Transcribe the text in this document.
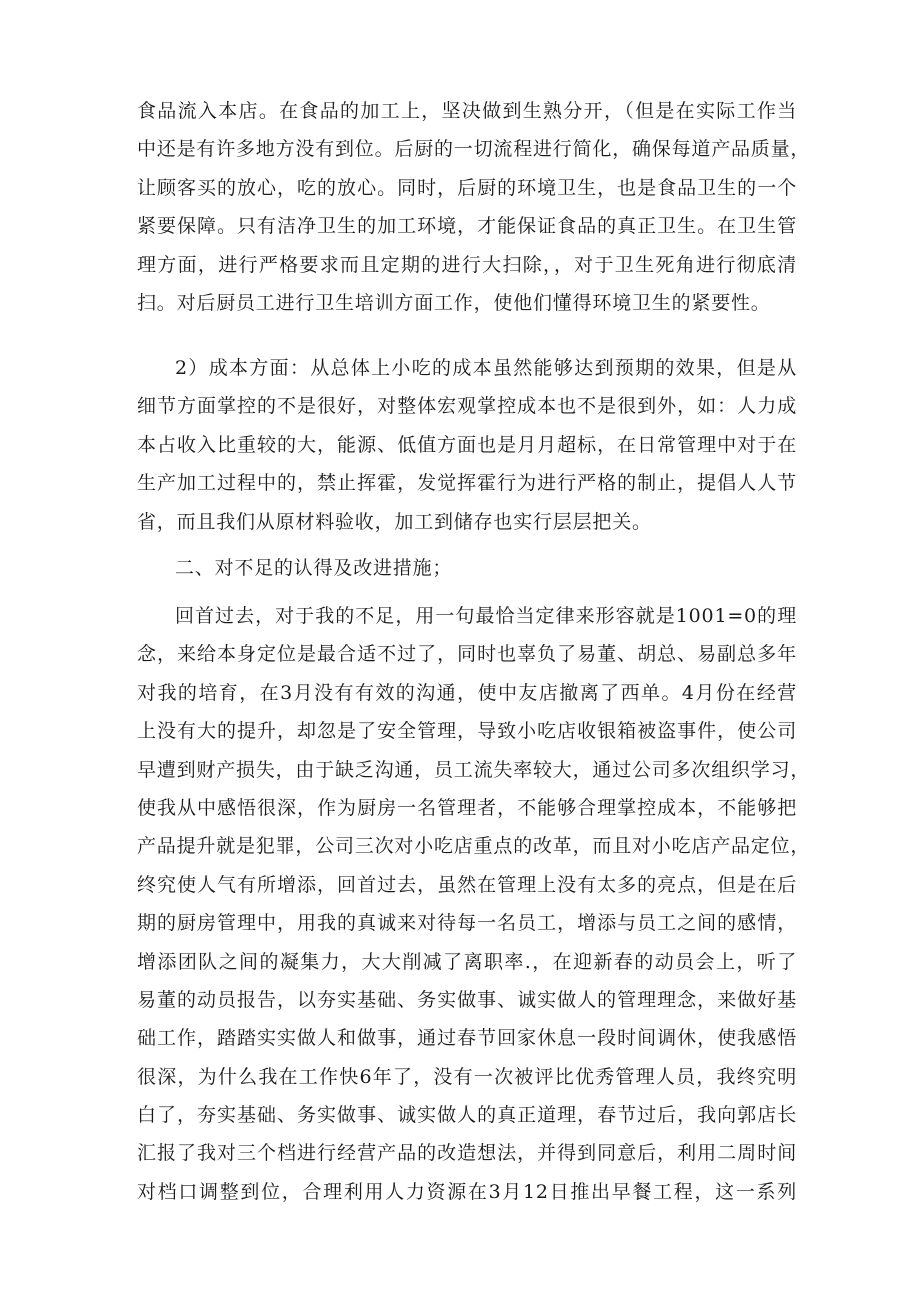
食品流入本店。在食品的加工上，坚决做到生熟分开，（但是在实际工作当
中还是有许多地方没有到位。后厨的一切流程进行简化，确保每道产品质量，
让顾客买的放心，吃的放心。同时，后厨的环境卫生，也是食品卫生的一个
紧要保障。只有洁净卫生的加工环境，才能保证食品的真正卫生。在卫生管
理方面，进行严格要求而且定期的进行大扫除，，对于卫生死角进行彻底清
扫。对后厨员工进行卫生培训方面工作，使他们懂得环境卫生的紧要性。
2）成本方面：从总体上小吃的成本虽然能够达到预期的效果，但是从
细节方面掌控的不是很好，对整体宏观掌控成本也不是很到外，如：人力成
本占收入比重较的大，能源、低值方面也是月月超标，在日常管理中对于在
生产加工过程中的，禁止挥霍，发觉挥霍行为进行严格的制止，提倡人人节
省，而且我们从原材料验收，加工到储存也实行层层把关。
二、对不足的认得及改进措施；
回首过去，对于我的不足，用一句最恰当定律来形容就是1001=0的理
念，来给本身定位是最合适不过了，同时也辜负了易董、胡总、易副总多年
对我的培育，在3月没有有效的沟通，使中友店撤离了西单。4月份在经营
上没有大的提升，却忽是了安全管理，导致小吃店收银箱被盗事件，使公司
早遭到财产损失，由于缺乏沟通，员工流失率较大，通过公司多次组织学习，
使我从中感悟很深，作为厨房一名管理者，不能够合理掌控成本，不能够把
产品提升就是犯罪，公司三次对小吃店重点的改革，而且对小吃店产品定位，
终究使人气有所增添，回首过去，虽然在管理上没有太多的亮点，但是在后
期的厨房管理中，用我的真诚来对待每一名员工，增添与员工之间的感情，
增添团队之间的凝集力，大大削减了离职率.，在迎新春的动员会上，听了
易董的动员报告，以夯实基础、务实做事、诚实做人的管理理念，来做好基
础工作，踏踏实实做人和做事，通过春节回家休息一段时间调休，使我感悟
很深，为什么我在工作快6年了，没有一次被评比优秀管理人员，我终究明
白了，夯实基础、务实做事、诚实做人的真正道理，春节过后，我向郭店长
汇报了我对三个档进行经营产品的改造想法，并得到同意后，利用二周时间
对档口调整到位，合理利用人力资源在3月12日推出早餐工程，这一系列
